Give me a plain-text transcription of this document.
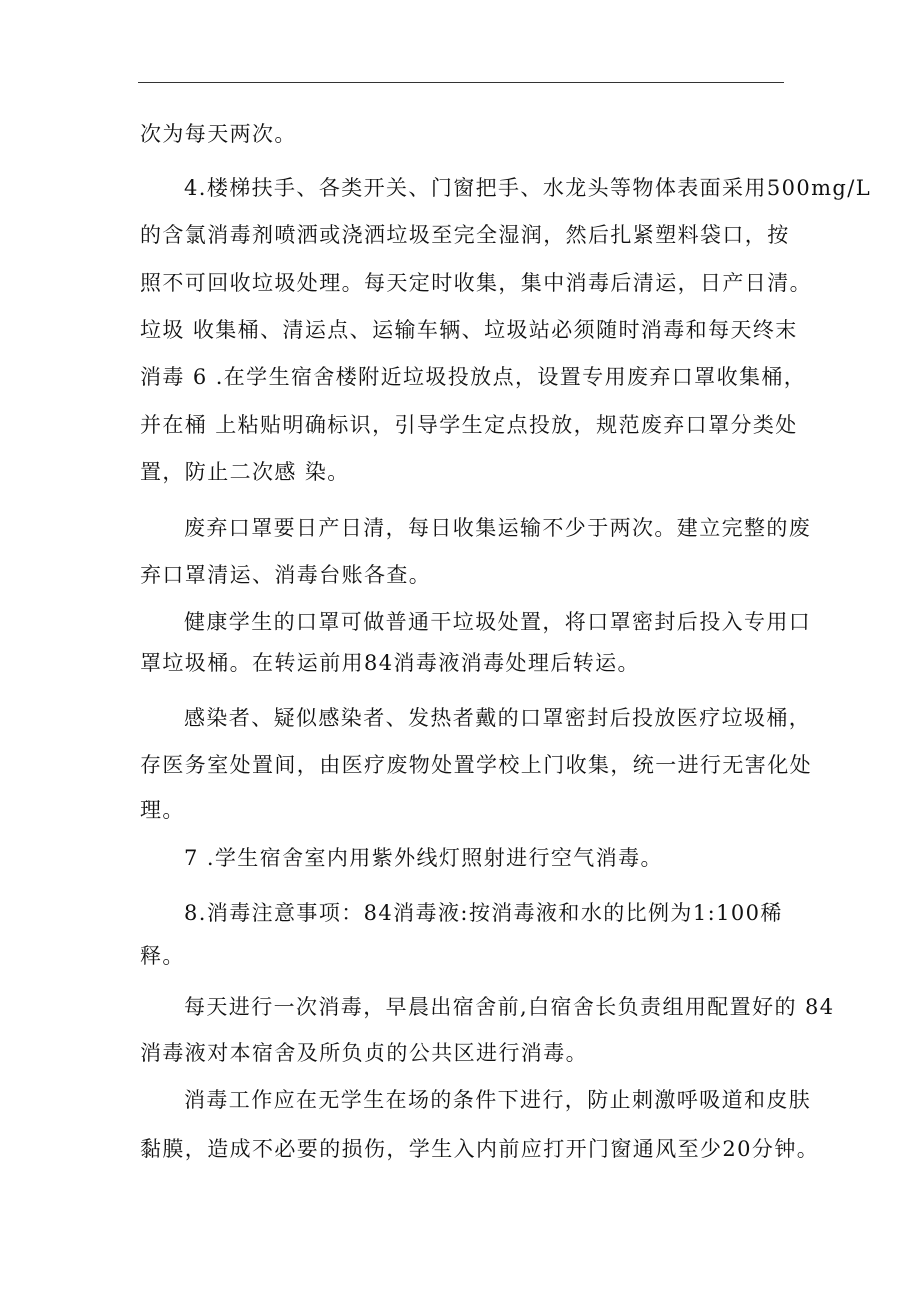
次为每天两次。
4.楼梯扶手、各类开关、门窗把手、水龙头等物体表面采用500mg/L
的含氯消毒剂喷洒或浇洒垃圾至完全湿润，然后扎紧塑料袋口，按
照不可回收垃圾处理。每天定时收集，集中消毒后清运，日产日清。
垃圾 收集桶、清运点、运输车辆、垃圾站必须随时消毒和每天终末
消毒 6 .在学生宿舍楼附近垃圾投放点，设置专用废弃口罩收集桶，
并在桶 上粘贴明确标识，引导学生定点投放，规范废弃口罩分类处
置，防止二次感 染。
废弃口罩要日产日清，每日收集运输不少于两次。建立完整的废
弃口罩清运、消毒台账各查。
健康学生的口罩可做普通干垃圾处置，将口罩密封后投入专用口
罩垃圾桶。在转运前用84消毒液消毒处理后转运。
感染者、疑似感染者、发热者戴的口罩密封后投放医疗垃圾桶，
存医务室处置间，由医疗废物处置学校上门收集，统一进行无害化处
理。
7 .学生宿舍室内用紫外线灯照射进行空气消毒。
8.消毒注意事项：84消毒液:按消毒液和水的比例为1:100稀
释。
每天进行一次消毒，早晨出宿舍前,白宿舍长负责组用配置好的 84
消毒液对本宿舍及所负贞的公共区进行消毒。
消毒工作应在无学生在场的条件下进行，防止刺激呼吸道和皮肤
黏膜，造成不必要的损伤，学生入内前应打开门窗通风至少20分钟。
